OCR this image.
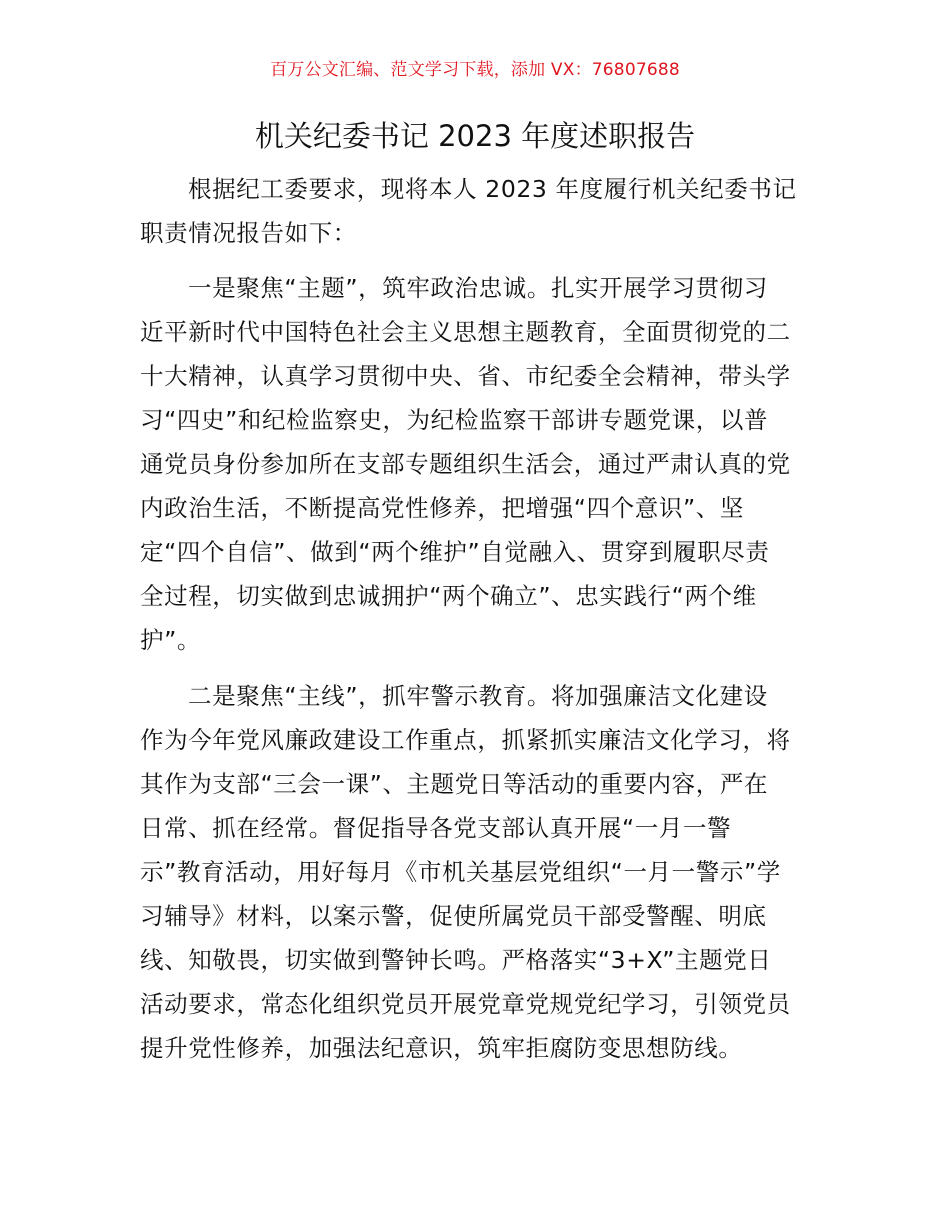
百万公文汇编、范文学习下载，添加 VX：76807688
机关纪委书记 2023 年度述职报告
根据纪工委要求，现将本人 2023 年度履行机关纪委书记
职责情况报告如下：
一是聚焦“主题”，筑牢政治忠诚。扎实开展学习贯彻习
近平新时代中国特色社会主义思想主题教育，全面贯彻党的二
十大精神，认真学习贯彻中央、省、市纪委全会精神，带头学
习“四史”和纪检监察史，为纪检监察干部讲专题党课，以普
通党员身份参加所在支部专题组织生活会，通过严肃认真的党
内政治生活，不断提高党性修养，把增强“四个意识”、坚
定“四个自信”、做到“两个维护”自觉融入、贯穿到履职尽责
全过程，切实做到忠诚拥护“两个确立”、忠实践行“两个维
护”。
二是聚焦“主线”，抓牢警示教育。将加强廉洁文化建设
作为今年党风廉政建设工作重点，抓紧抓实廉洁文化学习，将
其作为支部“三会一课”、主题党日等活动的重要内容，严在
日常、抓在经常。督促指导各党支部认真开展“一月一警
示”教育活动，用好每月《市机关基层党组织“一月一警示”学
习辅导》材料，以案示警，促使所属党员干部受警醒、明底
线、知敬畏，切实做到警钟长鸣。严格落实“3+X”主题党日
活动要求，常态化组织党员开展党章党规党纪学习，引领党员
提升党性修养，加强法纪意识，筑牢拒腐防变思想防线。
